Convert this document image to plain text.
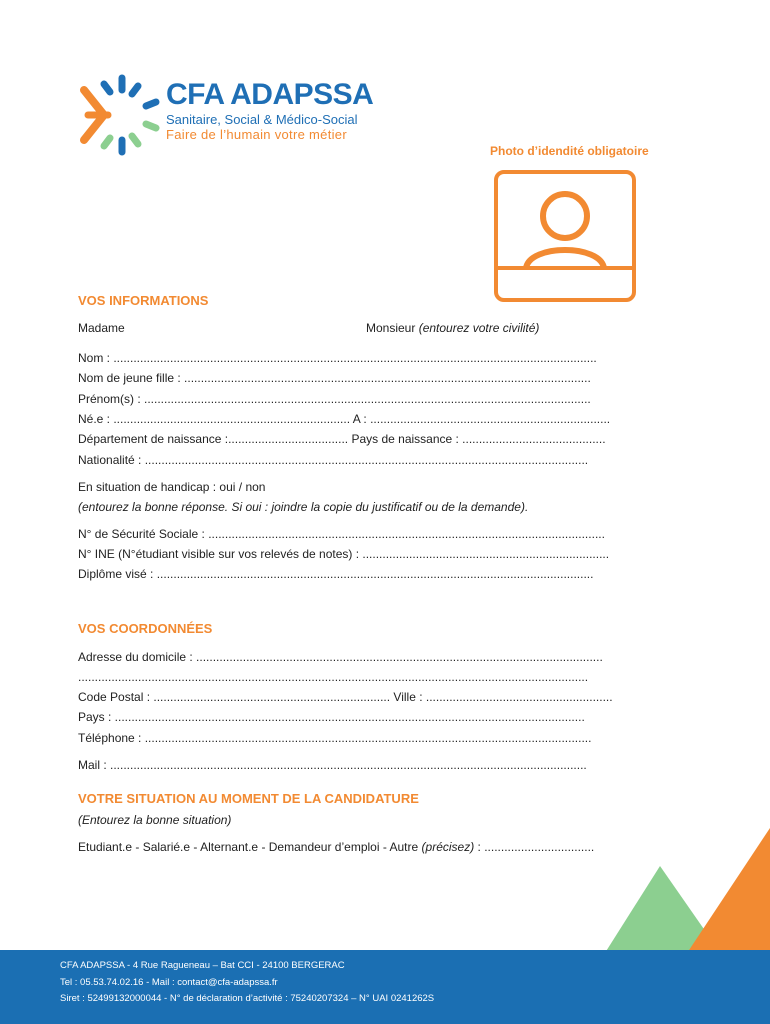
CFA ADAPSSA
Sanitaire, Social & Médico-Social
Faire de l’humain votre métier
Photo d’idendité obligatoire
VOS INFORMATIONS
Madame	Monsieur (entourez votre civilité)
Nom : .................................................................................................................................................
Nom de jeune fille : ..........................................................................................................................
Prénom(s) : ......................................................................................................................................
Né.e : ....................................................................... A : ........................................................................
Département de naissance :.................................... Pays de naissance : ...........................................
Nationalité : .....................................................................................................................................
En situation de handicap : oui / non
(entourez la bonne réponse. Si oui : joindre la copie du justificatif ou de la demande).
N° de Sécurité Sociale : .......................................................................................................................
N° INE (N°étudiant visible sur vos relevés de notes) : ..........................................................................
Diplôme visé : ...................................................................................................................................
VOS COORDONNÉES
Adresse du domicile : ..........................................................................................................................
.........................................................................................................................................................
Code Postal : ....................................................................... Ville : ........................................................
Pays : .............................................................................................................................................
Téléphone : ......................................................................................................................................
Mail : ...............................................................................................................................................
VOTRE SITUATION AU MOMENT DE LA CANDIDATURE
(Entourez la bonne situation)
Etudiant.e - Salarié.e - Alternant.e - Demandeur d’emploi - Autre (précisez) : .................................
CFA ADAPSSA - 4 Rue Ragueneau – Bat CCI - 24100 BERGERAC
Tel : 05.53.74.02.16 - Mail : contact@cfa-adapssa.fr
Siret : 52499132000044 - N° de déclaration d’activité : 75240207324 – N° UAI 0241262S
